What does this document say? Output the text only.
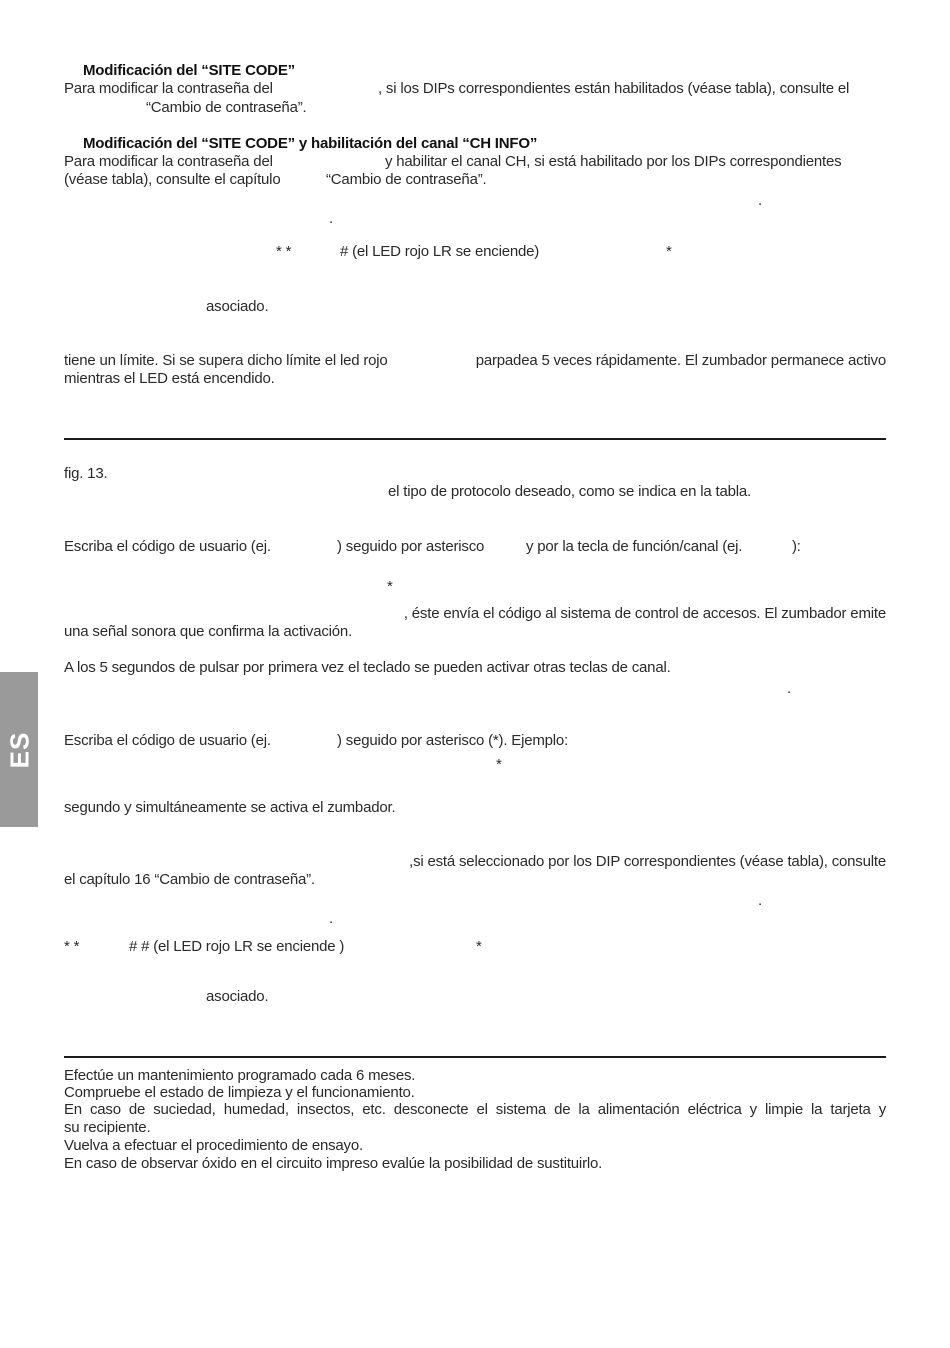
Modificación del “SITE CODE”
Para modificar la contraseña del	, si los DIPs correspondientes están habilitados (véase tabla), consulte el
“Cambio de contraseña”.
Modificación del “SITE CODE” y habilitación del canal “CH INFO”
Para modificar la contraseña del	y habilitar el canal CH, si está habilitado por los DIPs correspondientes
(véase tabla), consulte el capítulo	“Cambio de contraseña”.
.
.
* *	# (el LED rojo LR se enciende)	*
asociado.
tiene un límite. Si se supera dicho límite el led rojo	parpadea 5 veces rápidamente. El zumbador permanece activo
mientras el LED está encendido.
fig. 13.
el tipo de protocolo deseado, como se indica en la tabla.
Escriba el código de usuario (ej.	) seguido por asterisco	y por la tecla de función/canal (ej.	):
*
, éste envía el código al sistema de control de accesos. El zumbador emite
una señal sonora que confirma la activación.
A los 5 segundos de pulsar por primera vez el teclado se pueden activar otras teclas de canal.
.
Escriba el código de usuario (ej.	) seguido por asterisco (*). Ejemplo:
*
segundo y simultáneamente se activa el zumbador.
,si está seleccionado por los DIP correspondientes (véase tabla), consulte
el capítulo 16 “Cambio de contraseña”.
.
.
* *	# # (el LED rojo LR se enciende )	*
asociado.
Efectúe un mantenimiento programado cada 6 meses.
Compruebe el estado de limpieza y el funcionamiento.
En caso de suciedad, humedad, insectos, etc. desconecte el sistema de la alimentación eléctrica y limpie la tarjeta y
su recipiente.
Vuelva a efectuar el procedimiento de ensayo.
En caso de observar óxido en el circuito impreso evalúe la posibilidad de sustituirlo.
ES
